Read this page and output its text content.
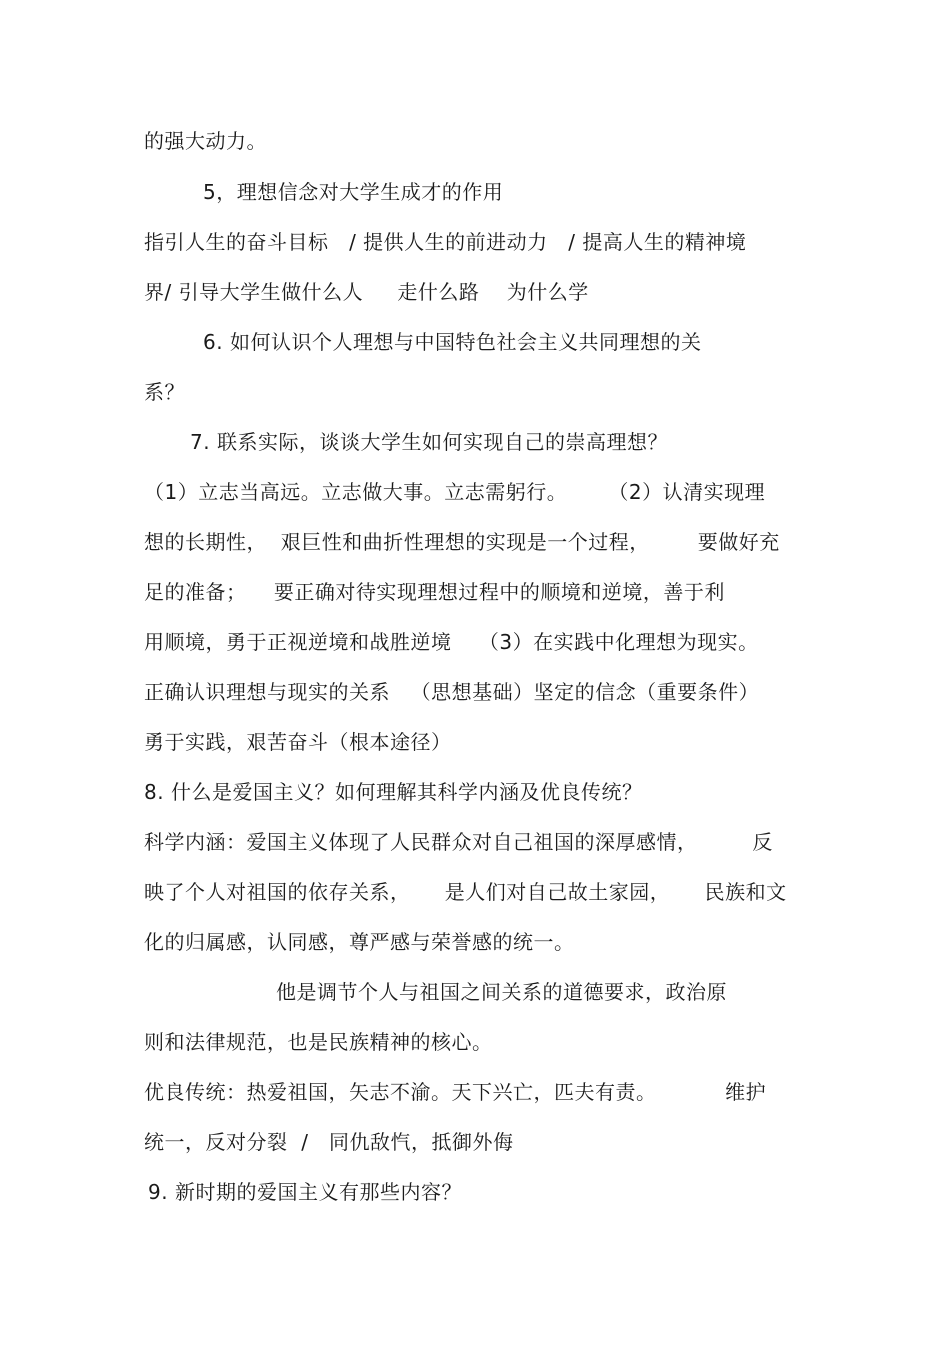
的强大动力。
5，理想信念对大学生成才的作用
指引人生的奋斗目标   / 提供人生的前进动力   / 提高人生的精神境
界/ 引导大学生做什么人     走什么路    为什么学
6. 如何认识个人理想与中国特色社会主义共同理想的关
系？
7. 联系实际，谈谈大学生如何实现自己的崇高理想？
（1）立志当高远。立志做大事。立志需躬行。      （2）认清实现理
想的长期性，  艰巨性和曲折性理想的实现是一个过程，       要做好充
足的准备；    要正确对待实现理想过程中的顺境和逆境，善于利
用顺境，勇于正视逆境和战胜逆境    （3）在实践中化理想为现实。
正确认识理想与现实的关系   （思想基础）坚定的信念（重要条件）
勇于实践，艰苦奋斗（根本途径）
8. 什么是爱国主义？如何理解其科学内涵及优良传统？
科学内涵：爱国主义体现了人民群众对自己祖国的深厚感情，        反
映了个人对祖国的依存关系，     是人们对自己故土家园，     民族和文
化的归属感，认同感，尊严感与荣誉感的统一。
他是调节个人与祖国之间关系的道德要求，政治原
则和法律规范，也是民族精神的核心。
优良传统：热爱祖国，矢志不渝。天下兴亡，匹夫有责。          维护
统一，反对分裂  /   同仇敌忾，抵御外侮
9. 新时期的爱国主义有那些内容？
